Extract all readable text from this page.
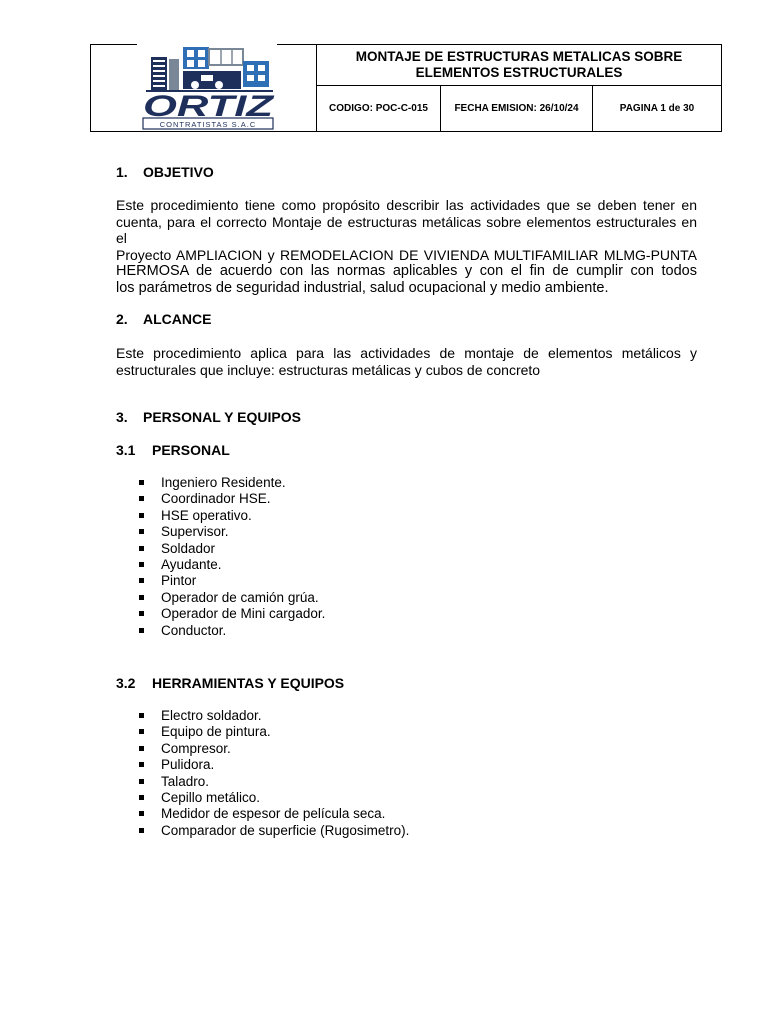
ORTIZ
CONTRATISTAS S.A.C
MONTAJE DE ESTRUCTURAS METALICAS SOBRE
ELEMENTOS ESTRUCTURALES
CODIGO: POC-C-015	FECHA EMISION: 26/10/24	PAGINA 1 de 30
1. OBJETIVO
Este procedimiento tiene como propósito describir las actividades que se deben tener en
cuenta, para el correcto Montaje de estructuras metálicas sobre elementos estructurales en el
Proyecto AMPLIACION y REMODELACION DE VIVIENDA MULTIFAMILIAR MLMG-PUNTA
HERMOSA de acuerdo con las normas aplicables y con el fin de cumplir con todos
los parámetros de seguridad industrial, salud ocupacional y medio ambiente.
2. ALCANCE
Este procedimiento aplica para las actividades de montaje de elementos metálicos y
estructurales que incluye: estructuras metálicas y cubos de concreto
3. PERSONAL Y EQUIPOS
3.1 PERSONAL
Ingeniero Residente.
Coordinador HSE.
HSE operativo.
Supervisor.
Soldador
Ayudante.
Pintor
Operador de camión grúa.
Operador de Mini cargador.
Conductor.
3.2 HERRAMIENTAS Y EQUIPOS
Electro soldador.
Equipo de pintura.
Compresor.
Pulidora.
Taladro.
Cepillo metálico.
Medidor de espesor de película seca.
Comparador de superficie (Rugosimetro).
